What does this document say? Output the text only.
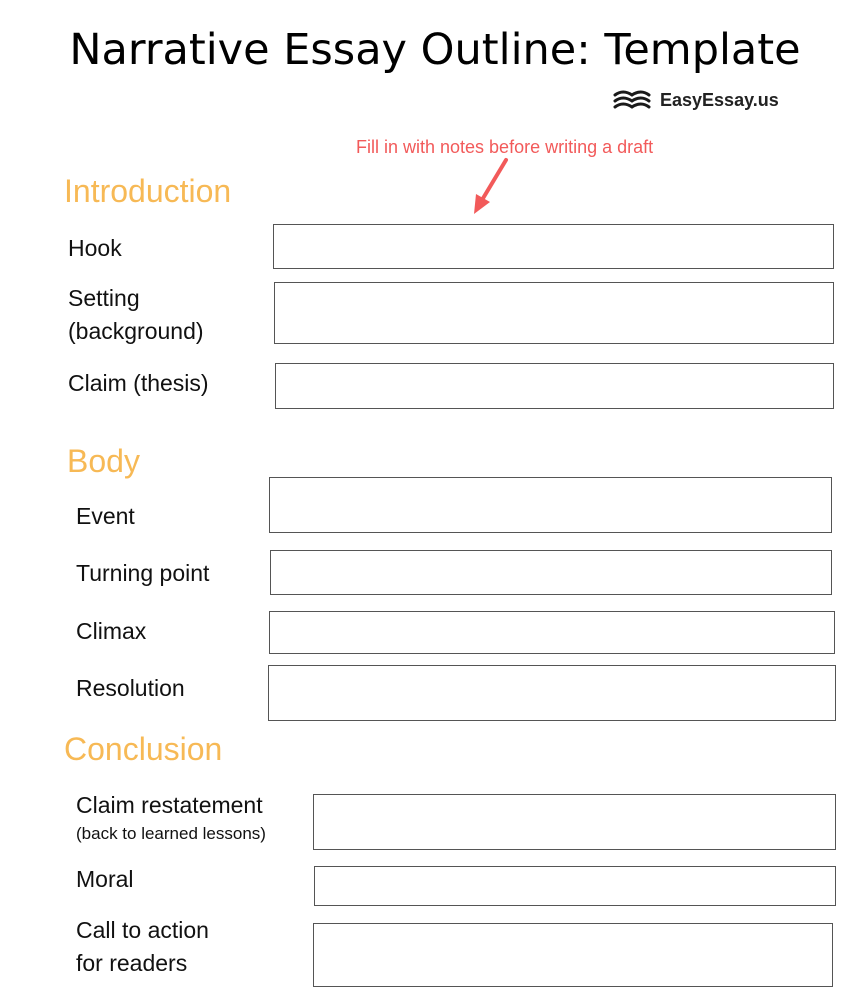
Narrative Essay Outline: Template
EasyEssay.us
Fill in with notes before writing a draft
Introduction
Hook
Setting
(background)
Claim (thesis)
Body
Event
Turning point
Climax
Resolution
Conclusion
Claim restatement
(back to learned lessons)
Moral
Call to action
for readers
